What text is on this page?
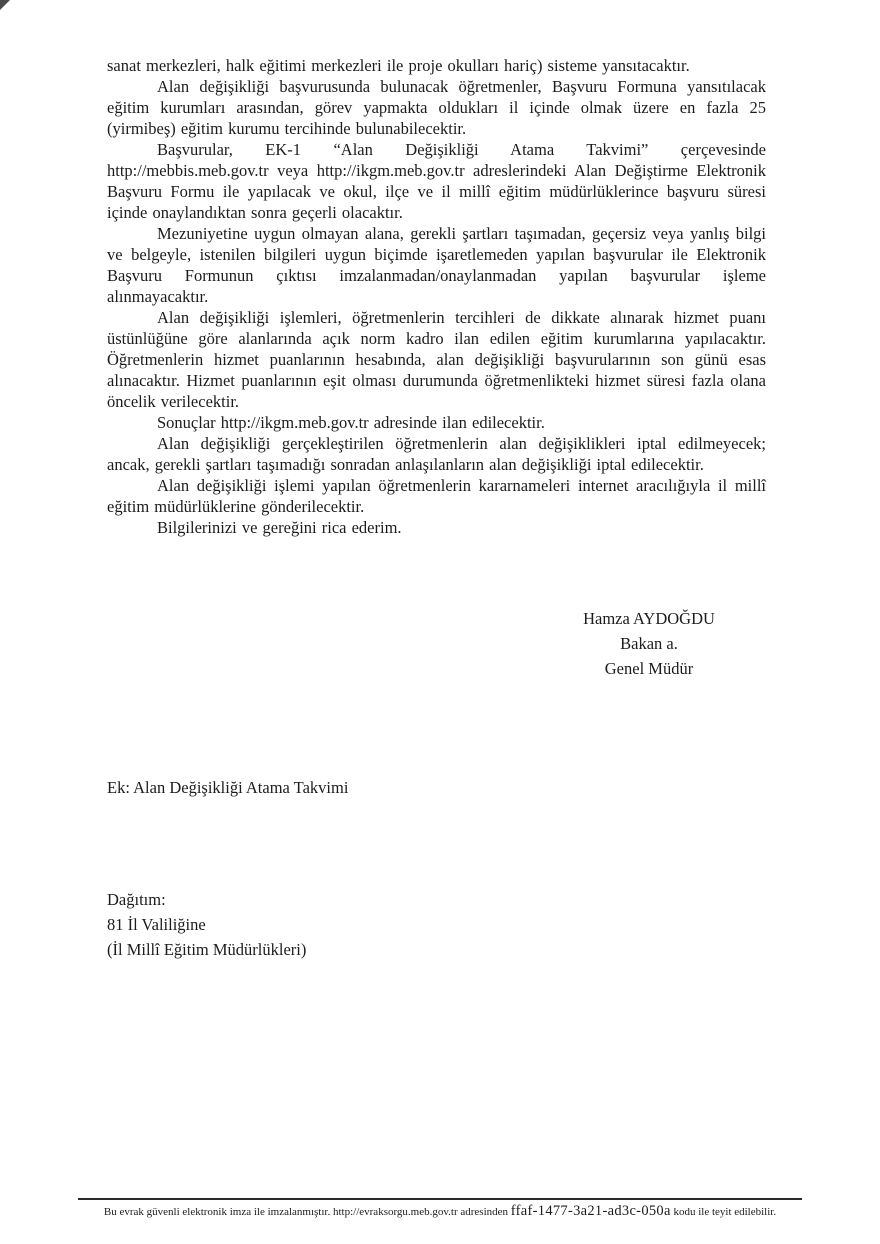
sanat merkezleri, halk eğitimi merkezleri ile proje okulları hariç) sisteme yansıtacaktır.

Alan değişikliği başvurusunda bulunacak öğretmenler, Başvuru Formuna yansıtılacak eğitim kurumları arasından, görev yapmakta oldukları il içinde olmak üzere en fazla 25 (yirmibeş) eğitim kurumu tercihinde bulunabilecektir.

Başvurular, EK-1 “Alan Değişikliği Atama Takvimi” çerçevesinde http://mebbis.meb.gov.tr veya http://ikgm.meb.gov.tr adreslerindeki Alan Değiştirme Elektronik Başvuru Formu ile yapılacak ve okul, ilçe ve il millî eğitim müdürlüklerince başvuru süresi içinde onaylandıktan sonra geçerli olacaktır.

Mezuniyetine uygun olmayan alana, gerekli şartları taşımadan, geçersiz veya yanlış bilgi ve belgeyle, istenilen bilgileri uygun biçimde işaretlemeden yapılan başvurular ile Elektronik Başvuru Formunun çıktısı imzalanmadan/onaylanmadan yapılan başvurular işleme alınmayacaktır.

Alan değişikliği işlemleri, öğretmenlerin tercihleri de dikkate alınarak hizmet puanı üstünlüğüne göre alanlarında açık norm kadro ilan edilen eğitim kurumlarına yapılacaktır. Öğretmenlerin hizmet puanlarının hesabında, alan değişikliği başvurularının son günü esas alınacaktır. Hizmet puanlarının eşit olması durumunda öğretmenlikteki hizmet süresi fazla olana öncelik verilecektir.

Sonuçlar http://ikgm.meb.gov.tr adresinde ilan edilecektir.

Alan değişikliği gerçekleştirilen öğretmenlerin alan değişiklikleri iptal edilmeyecek; ancak, gerekli şartları taşımadığı sonradan anlaşılanların alan değişikliği iptal edilecektir.

Alan değişikliği işlemi yapılan öğretmenlerin kararnameleri internet aracılığıyla il millî eğitim müdürlüklerine gönderilecektir.

Bilgilerinizi ve gereğini rica ederim.

Hamza AYDOĞDU
Bakan a.
Genel Müdür
Ek: Alan Değişikliği Atama Takvimi
Dağıtım:
81 İl Valiliğine
(İl Millî Eğitim Müdürlükleri)
Bu evrak güvenli elektronik imza ile imzalanmıştır. http://evraksorgu.meb.gov.tr adresinden ffaf-1477-3a21-ad3c-050a kodu ile teyit edilebilir.
